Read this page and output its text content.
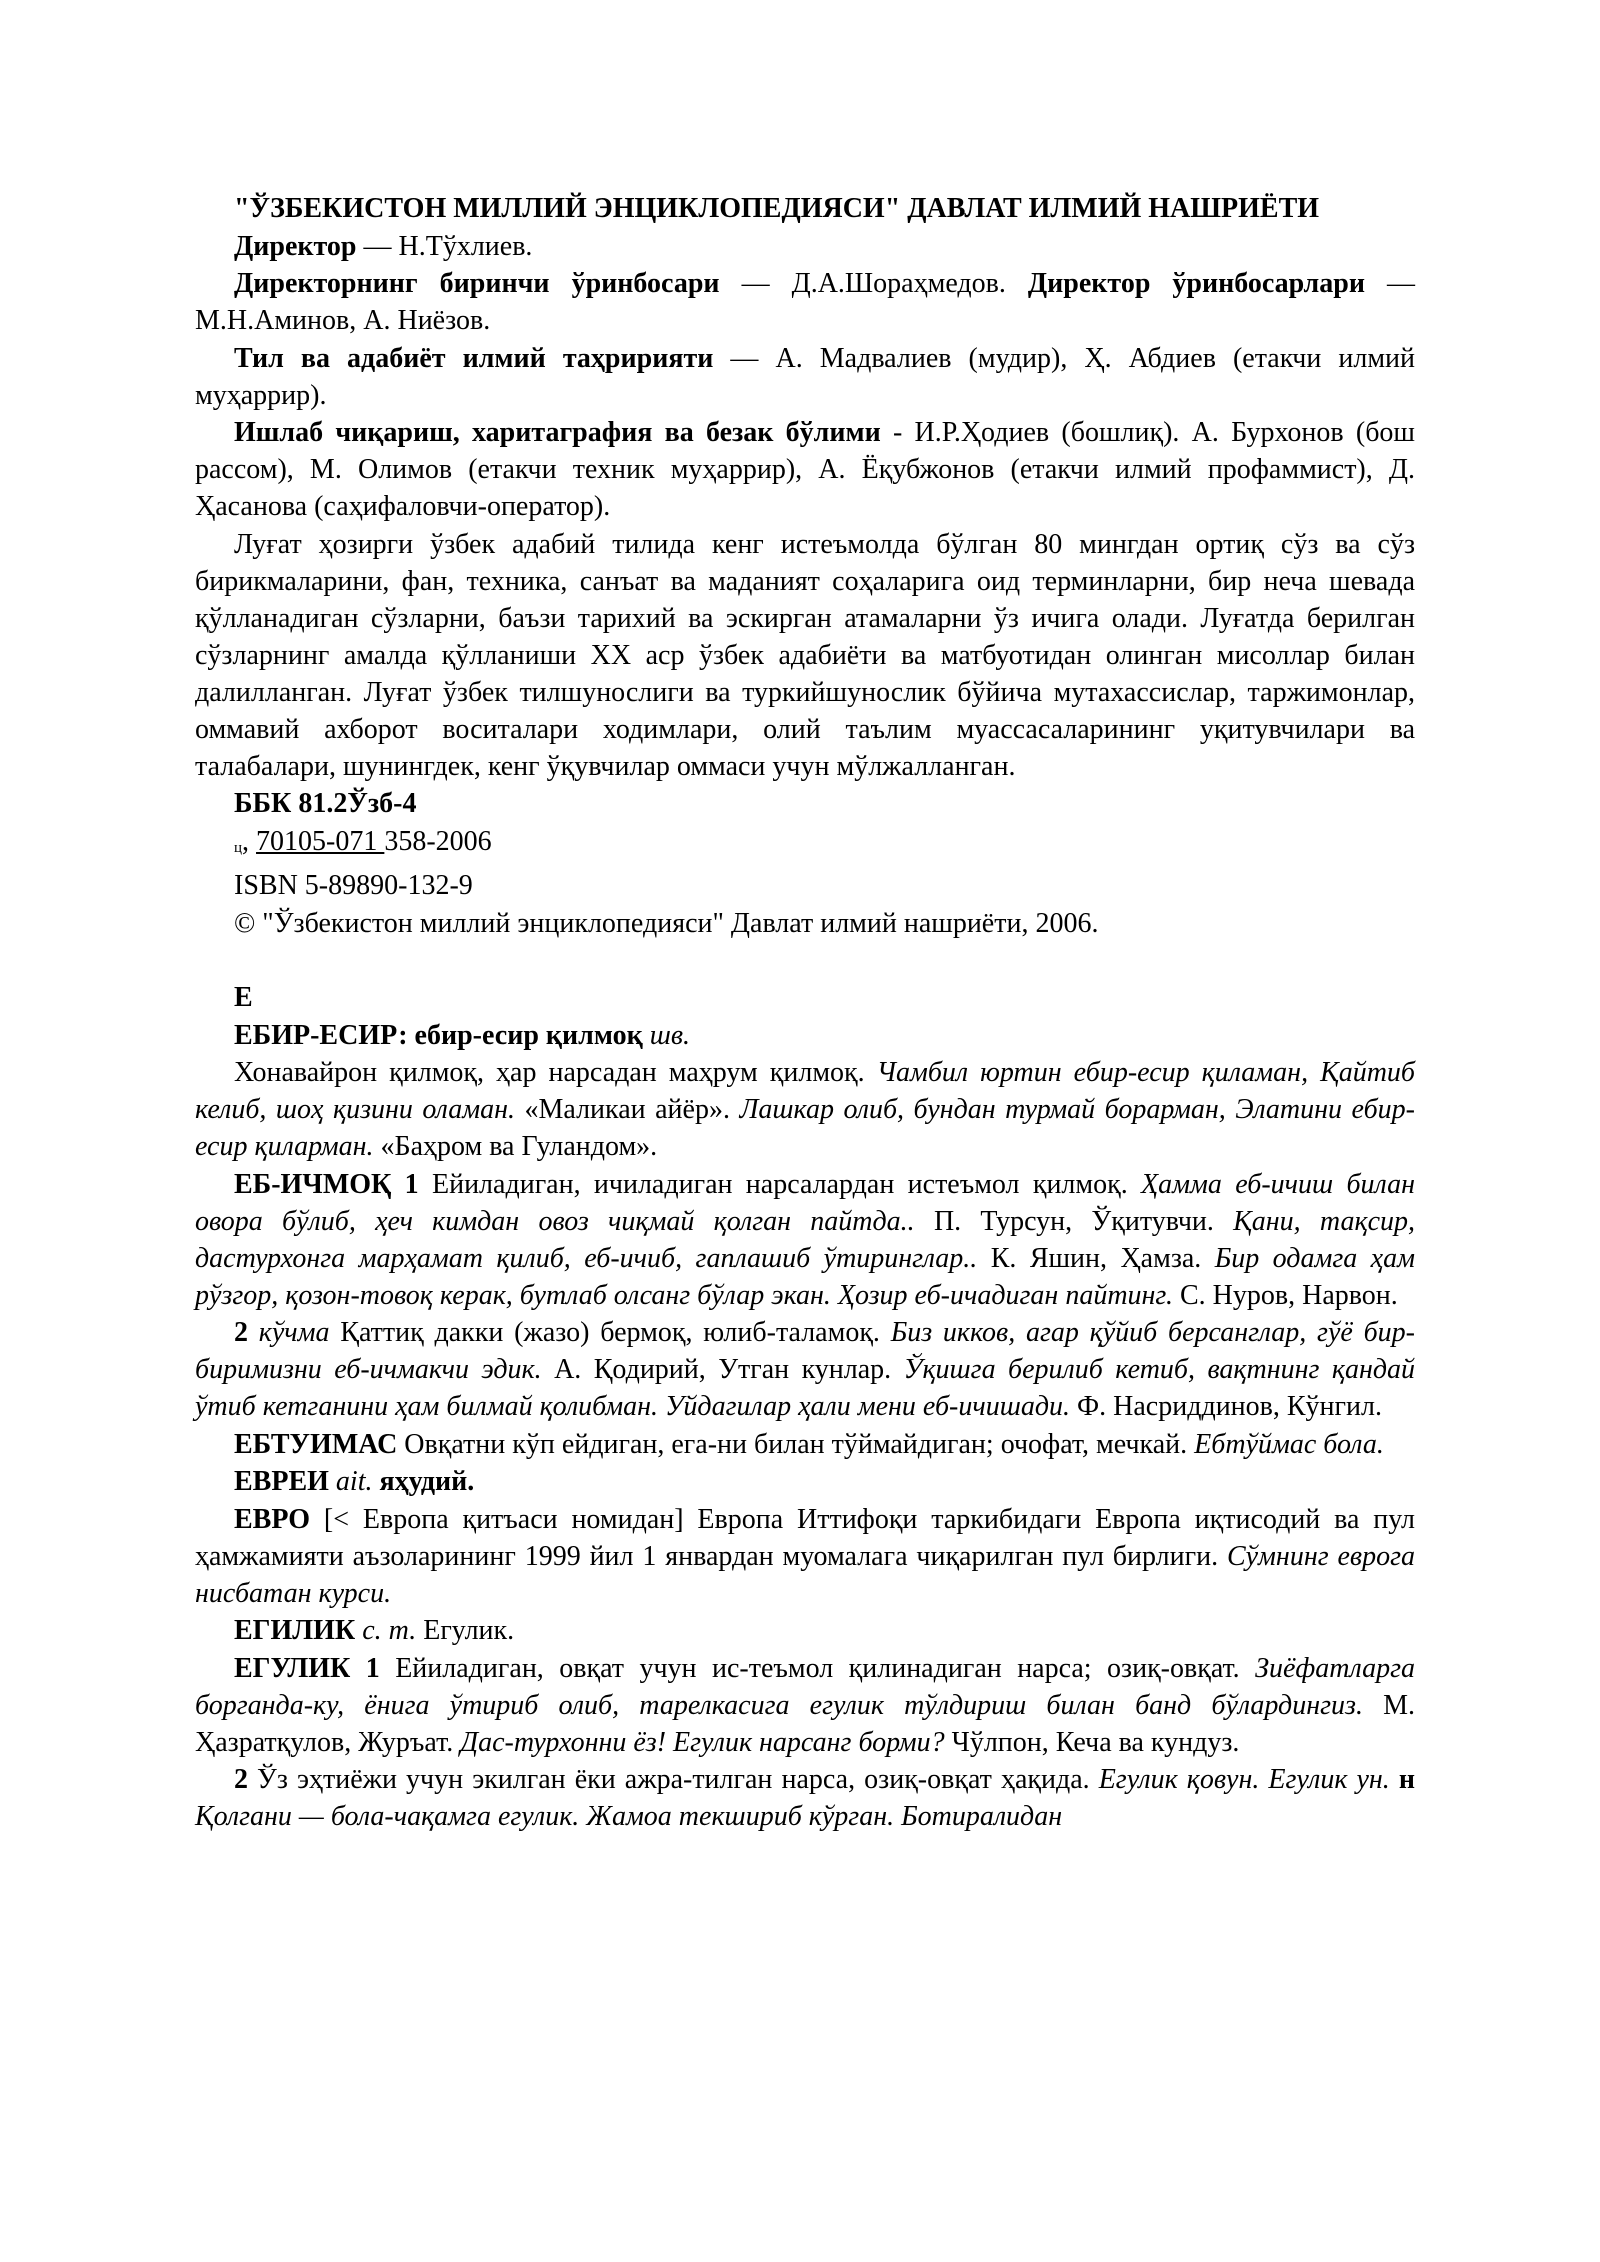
"ЎЗБЕКИСТОН МИЛЛИЙ ЭНЦИКЛОПЕДИЯСИ" ДАВЛАТ ИЛМИЙ НАШРИЁТИ

Директор — Н.Тўхлиев.

Директорнинг биринчи ўринбосари — Д.А.Шораҳмедов. Директор ўринбосарлари — М.Н.Аминов, А. Ниёзов.

Тил ва адабиёт илмий таҳририяти — А. Мадвалиев (мудир), Ҳ. Абдиев (етакчи илмий муҳаррир).

Ишлаб чиқариш, харитаграфия ва безак бўлими - И.Р.Ҳодиев (бошлиқ). А. Бурхонов (бош рассом), М. Олимов (етакчи техник муҳаррир), А. Ёқубжонов (етакчи илмий профаммист), Д. Ҳасанова (саҳифаловчи-оператор).

Луғат ҳозирги ўзбек адабий тилида кенг истеъмолда бўлган 80 мингдан ортиқ сўз ва сўз бирикмаларини, фан, техника, санъат ва маданият соҳаларига оид терминларни, бир неча шевада қўлланадиган сўзларни, баъзи тарихий ва эскирган атамаларни ўз ичига олади. Луғатда берилган сўзларнинг амалда қўлланиши XX аср ўзбек адабиёти ва матбуотидан олинган мисоллар билан далилланган. Луғат ўзбек тилшунослиги ва туркийшунослик бўйича мутахассислар, таржимонлар, оммавий ахборот воситалари ходимлари, олий таълим муассасаларининг уқитувчилари ва талабалари, шунингдек, кенг ўқувчилар оммаси учун мўлжалланган.

ББК 81.2Ўзб-4

ц, 70105-071 358-2006

ISBN 5-89890-132-9

© "Ўзбекистон миллий энциклопедияси" Давлат илмий нашриёти, 2006.

Е

ЕБИР-ЕСИР: ебир-есир қилмоқ шв.

Хонавайрон қилмоқ, ҳар нарсадан маҳрум қилмоқ. Чамбил юртин ебир-есир қиламан, Қайтиб келиб, шоҳ қизини оламан. «Маликаи айёр». Лашкар олиб, бундан турмай борарман, Элатини ебир-есир қиларман. «Баҳром ва Гуландом».

ЕБ-ИЧМОҚ 1 Ейиладиган, ичиладиган нарсалардан истеъмол қилмоқ. Ҳамма еб-ичиш билан овора бўлиб, ҳеч кимдан овоз чиқмай қолган пайтда.. П. Турсун, Ўқитувчи. Қани, тақсир, дастурхонга марҳамат қилиб, еб-ичиб, гаплашиб ўтиринглар.. К. Яшин, Ҳамза. Бир одамга ҳам рўзгор, қозон-товоқ керак, бутлаб олсанг бўлар экан. Ҳозир еб-ичадиган пайтинг. С. Нуров, Нарвон.

2 кўчма Қаттиқ дакки (жазо) бермоқ, юлиб-таламоқ. Биз икков, агар қўйиб берсанглар, гўё бир-биримизни еб-ичмакчи эдик. А. Қодирий, Утган кунлар. Ўқишга берилиб кетиб, вақтнинг қандай ўтиб кетганини ҳам билмай қолибман. Уйдагилар ҳали мени еб-ичишади. Ф. Насриддинов, Кўнгил.

ЕБТУИМАС Овқатни кўп ейдиган, ега-ни билан тўймайдиган; очофат, мечкай. Ебтўймас бола.

ЕВРЕИ ait. яҳудий.

ЕВРО [< Европа қитъаси номидан] Европа Иттифоқи таркибидаги Европа иқтисодий ва пул ҳамжамияти аъзоларининг 1999 йил 1 январдан муомалага чиқарилган пул бирлиги. Сўмнинг еврога нисбатан курси.

ЕГИЛИК с. т. Егулик.

ЕГУЛИК 1 Ейиладиган, овқат учун ис-теъмол қилинадиган нарса; озиқ-овқат. Зиёфатларга борганда-ку, ёнига ўтириб олиб, тарелкасига егулик тўлдириш билан банд бўлардингиз. М. Ҳазратқулов, Журъат. Дас-турхонни ёз! Егулик нарсанг борми? Чўлпон, Кеча ва кундуз.

2 Ўз эҳтиёжи учун экилган ёки ажра-тилган нарса, озиқ-овқат ҳақида. Егулик қовун. Егулик ун. н Қолгани — бола-чақамга егулик. Жамоа текшириб кўрган. Ботиралидан
